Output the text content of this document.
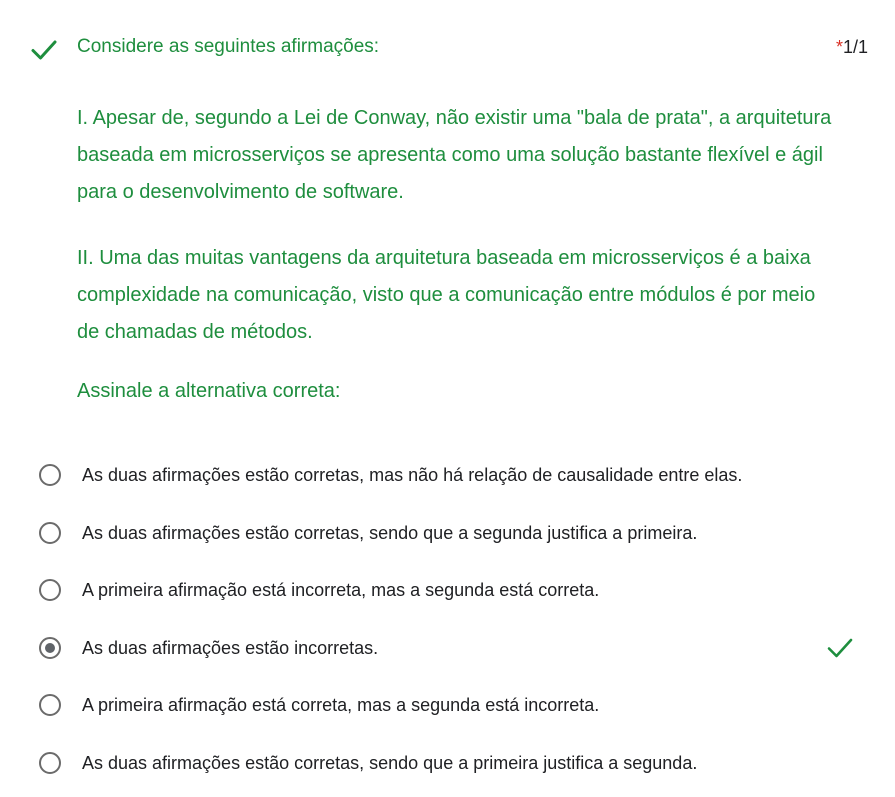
Considere as seguintes afirmações:	*1/1
I. Apesar de, segundo a Lei de Conway, não existir uma "bala de prata", a arquitetura baseada em microsserviços se apresenta como uma solução bastante flexível e ágil para o desenvolvimento de software.
II. Uma das muitas vantagens da arquitetura baseada em microsserviços é a baixa complexidade na comunicação, visto que a comunicação entre módulos é por meio de chamadas de métodos.
Assinale a alternativa correta:
As duas afirmações estão corretas, mas não há relação de causalidade entre elas.
As duas afirmações estão corretas, sendo que a segunda justifica a primeira.
A primeira afirmação está incorreta, mas a segunda está correta.
As duas afirmações estão incorretas.
A primeira afirmação está correta, mas a segunda está incorreta.
As duas afirmações estão corretas, sendo que a primeira justifica a segunda.
